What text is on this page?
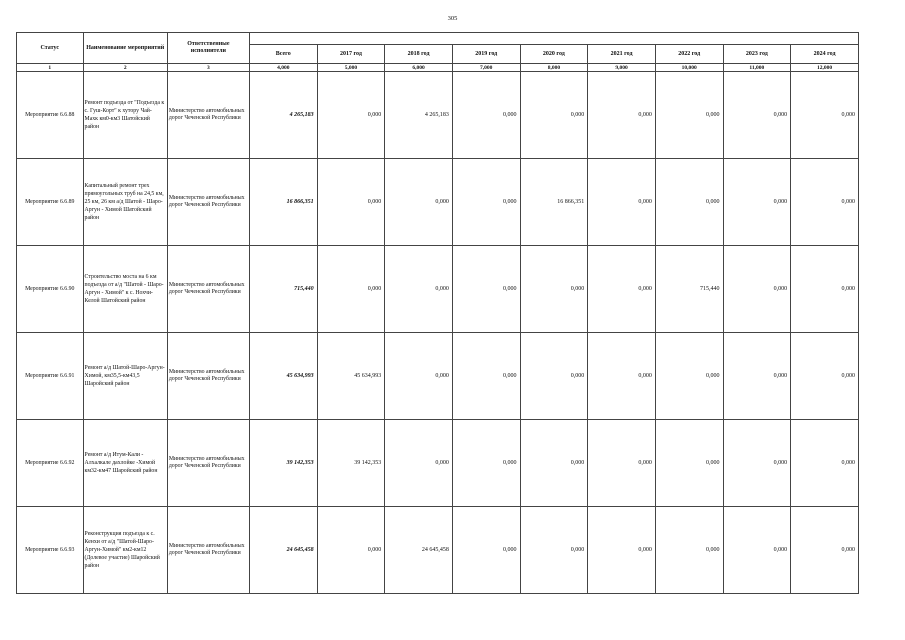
305
Статус	Наименование мероприятий	Ответственные исполнители									
			Всего	2017 год	2018 год	2019 год	2020 год	2021 год	2022 год	2023 год	2024 год
1	2	3	4,000	5,000	6,000	7,000	8,000	9,000	10,000	11,000	12,000
Мероприятие 6.6.88	Ремонт подъезда от "Подъезда к с. Гуш-Корт" к хутору Чай-Махк км0-км3 Шатойский район	Министерство автомобильных дорог Чеченской Республики	4 265,183	0,000	4 265,183	0,000	0,000	0,000	0,000	0,000	0,000
Мероприятие 6.6.89	Капитальный ремонт трех прямоугольных труб на 24,5 км, 25 км, 26 км а/д Шатой - Шаро-Аргун - Химой Шатойский район	Министерство автомобильных дорог Чеченской Республики	16 866,351	0,000	0,000	0,000	16 866,351	0,000	0,000	0,000	0,000
Мероприятие 6.6.90	Строительство моста на 6 км подъезда от а/д "Шатой - Шаро-Аргун - Химой" к с. Нохчи-Келой Шатойский район	Министерство автомобильных дорог Чеченской Республики	715,440	0,000	0,000	0,000	0,000	0,000	715,440	0,000	0,000
Мероприятие 6.6.91	Ремонт а/д Шатой-Шаро-Аргун-Химой, км35,5-км43,5 Шаройский район	Министерство автомобильных дорог Чеченской Республики	45 634,993	45 634,993	0,000	0,000	0,000	0,000	0,000	0,000	0,000
Мероприятие 6.6.92	Ремонт а/д Итум-Кали - Алхалкале дахлойке -Химой км32-км47 Шаройский район	Министерство автомобильных дорог Чеченской Республики	39 142,353	39 142,353	0,000	0,000	0,000	0,000	0,000	0,000	0,000
Мероприятие 6.6.93	Реконструкция подъезда к с. Кенхи от а/д "Шатой-Шаро-Аргун-Химой" км2-км12 (Долевое участие) Шаройский район	Министерство автомобильных дорог Чеченской Республики	24 645,458	0,000	24 645,458	0,000	0,000	0,000	0,000	0,000	0,000
